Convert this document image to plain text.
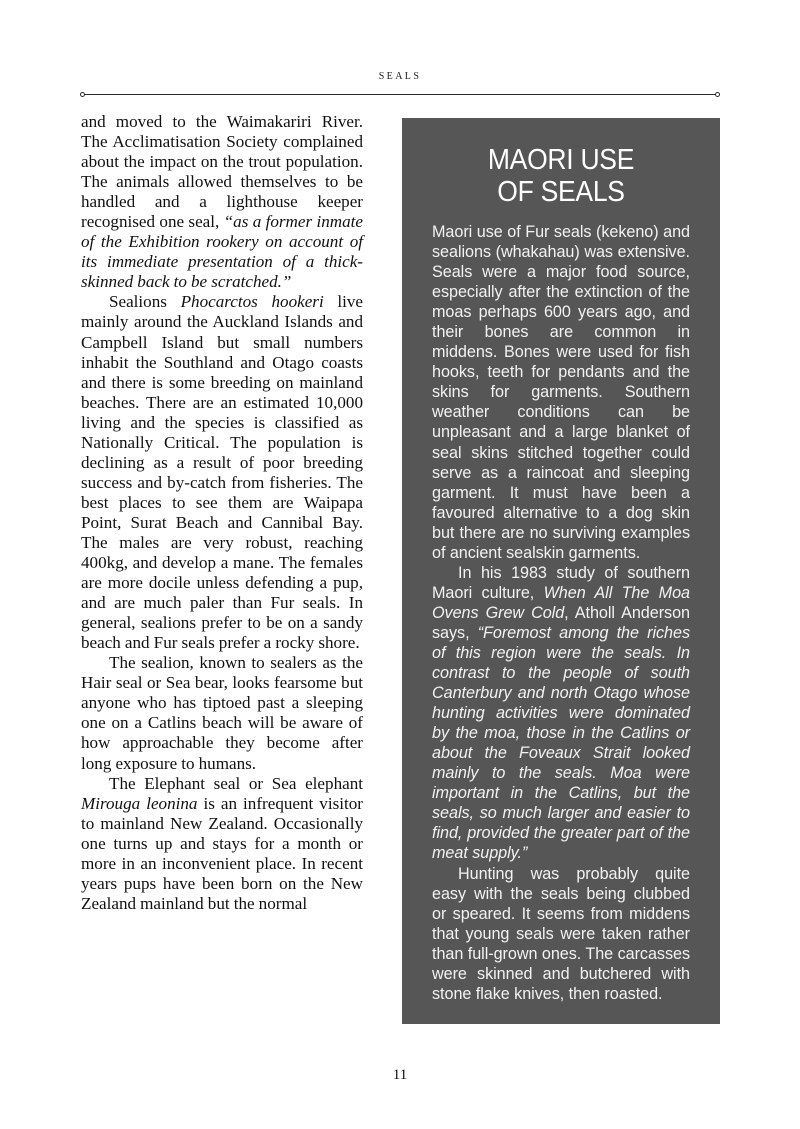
SEALS

and moved to the Waimakariri River. The Acclimatisation Society complained about the impact on the trout population. The animals allowed themselves to be handled and a lighthouse keeper recognised one seal, “as a former inmate of the Exhibition rookery on account of its immediate presentation of a thick-skinned back to be scratched.”

Sealions Phocarctos hookeri live mainly around the Auckland Islands and Campbell Island but small numbers inhabit the Southland and Otago coasts and there is some breeding on mainland beaches. There are an estimated 10,000 living and the species is classified as Nationally Critical. The population is declining as a result of poor breeding success and by-catch from fisheries. The best places to see them are Waipapa Point, Surat Beach and Cannibal Bay. The males are very robust, reaching 400kg, and develop a mane. The females are more docile unless defending a pup, and are much paler than Fur seals. In general, sealions prefer to be on a sandy beach and Fur seals prefer a rocky shore.

The sealion, known to sealers as the Hair seal or Sea bear, looks fearsome but anyone who has tiptoed past a sleeping one on a Catlins beach will be aware of how approachable they become after long exposure to humans.

The Elephant seal or Sea elephant Mirouga leonina is an infrequent visitor to mainland New Zealand. Occasionally one turns up and stays for a month or more in an inconvenient place. In recent years pups have been born on the New Zealand mainland but the normal

MAORI USE
OF SEALS

Maori use of Fur seals (kekeno) and sealions (whakahau) was extensive. Seals were a major food source, especially after the extinction of the moas perhaps 600 years ago, and their bones are common in middens. Bones were used for fish hooks, teeth for pendants and the skins for garments. Southern weather conditions can be unpleasant and a large blanket of seal skins stitched together could serve as a raincoat and sleeping garment. It must have been a favoured alternative to a dog skin but there are no surviving examples of ancient sealskin garments.

In his 1983 study of southern Maori culture, When All The Moa Ovens Grew Cold, Atholl Anderson says, “Foremost among the riches of this region were the seals. In contrast to the people of south Canterbury and north Otago whose hunting activities were dominated by the moa, those in the Catlins or about the Foveaux Strait looked mainly to the seals. Moa were important in the Catlins, but the seals, so much larger and easier to find, provided the greater part of the meat supply.”

Hunting was probably quite easy with the seals being clubbed or speared. It seems from middens that young seals were taken rather than full-grown ones. The carcasses were skinned and butchered with stone flake knives, then roasted.

11
